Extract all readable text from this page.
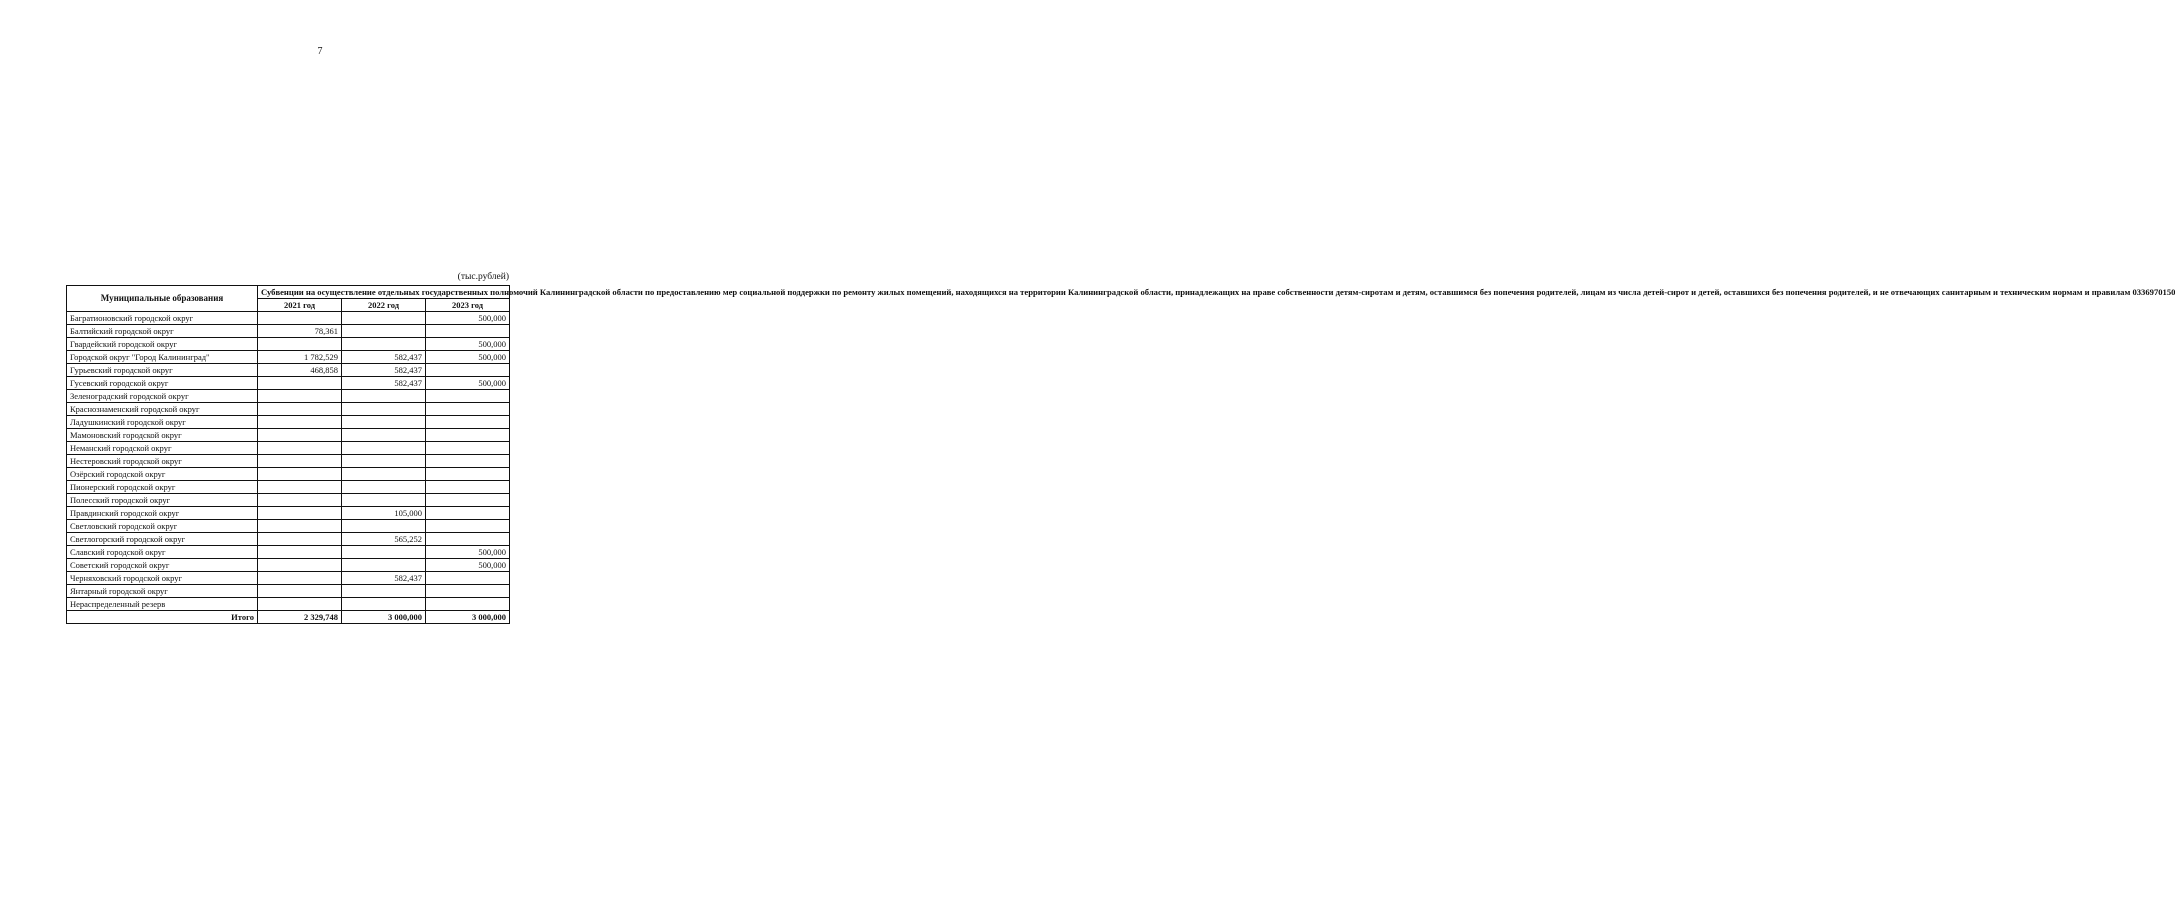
7
(тыс.рублей)
Муниципальные образования	Субвенции на осуществление отдельных государственных полномочий Калининградской области по предоставлению мер социальной поддержки по ремонту жилых помещений, находящихся на территории Калининградской области, принадлежащих на праве собственности детям-сиротам и детям, оставшимся без попечения родителей, лицам из числа детей-сирот и детей, оставшихся без попечения родителей, и не отвечающих санитарным и техническим нормам и правилам 0336970150		
	2021 год	2022 год	2023 год
Багратионовский городской округ			500,000
Балтийский городской округ	78,361		
Гвардейский городской округ			500,000
Городской округ "Город Калининград"	1 782,529	582,437	500,000
Гурьевский городской округ	468,858	582,437	
Гусевский городской округ		582,437	500,000
Зеленоградский городской округ			
Краснознаменский городской округ			
Ладушкинский городской округ			
Мамоновский городской округ			
Неманский городской округ			
Нестеровский городской округ			
Озёрский городской округ			
Пионерский городской округ			
Полесский городской округ			
Правдинский городской округ		105,000	
Светловский городской округ			
Светлогорский городской округ		565,252	
Славский городской округ			500,000
Советский городской округ			500,000
Черняховский городской округ		582,437	
Янтарный городской округ			
Нераспределенный резерв			
Итого	2 329,748	3 000,000	3 000,000
